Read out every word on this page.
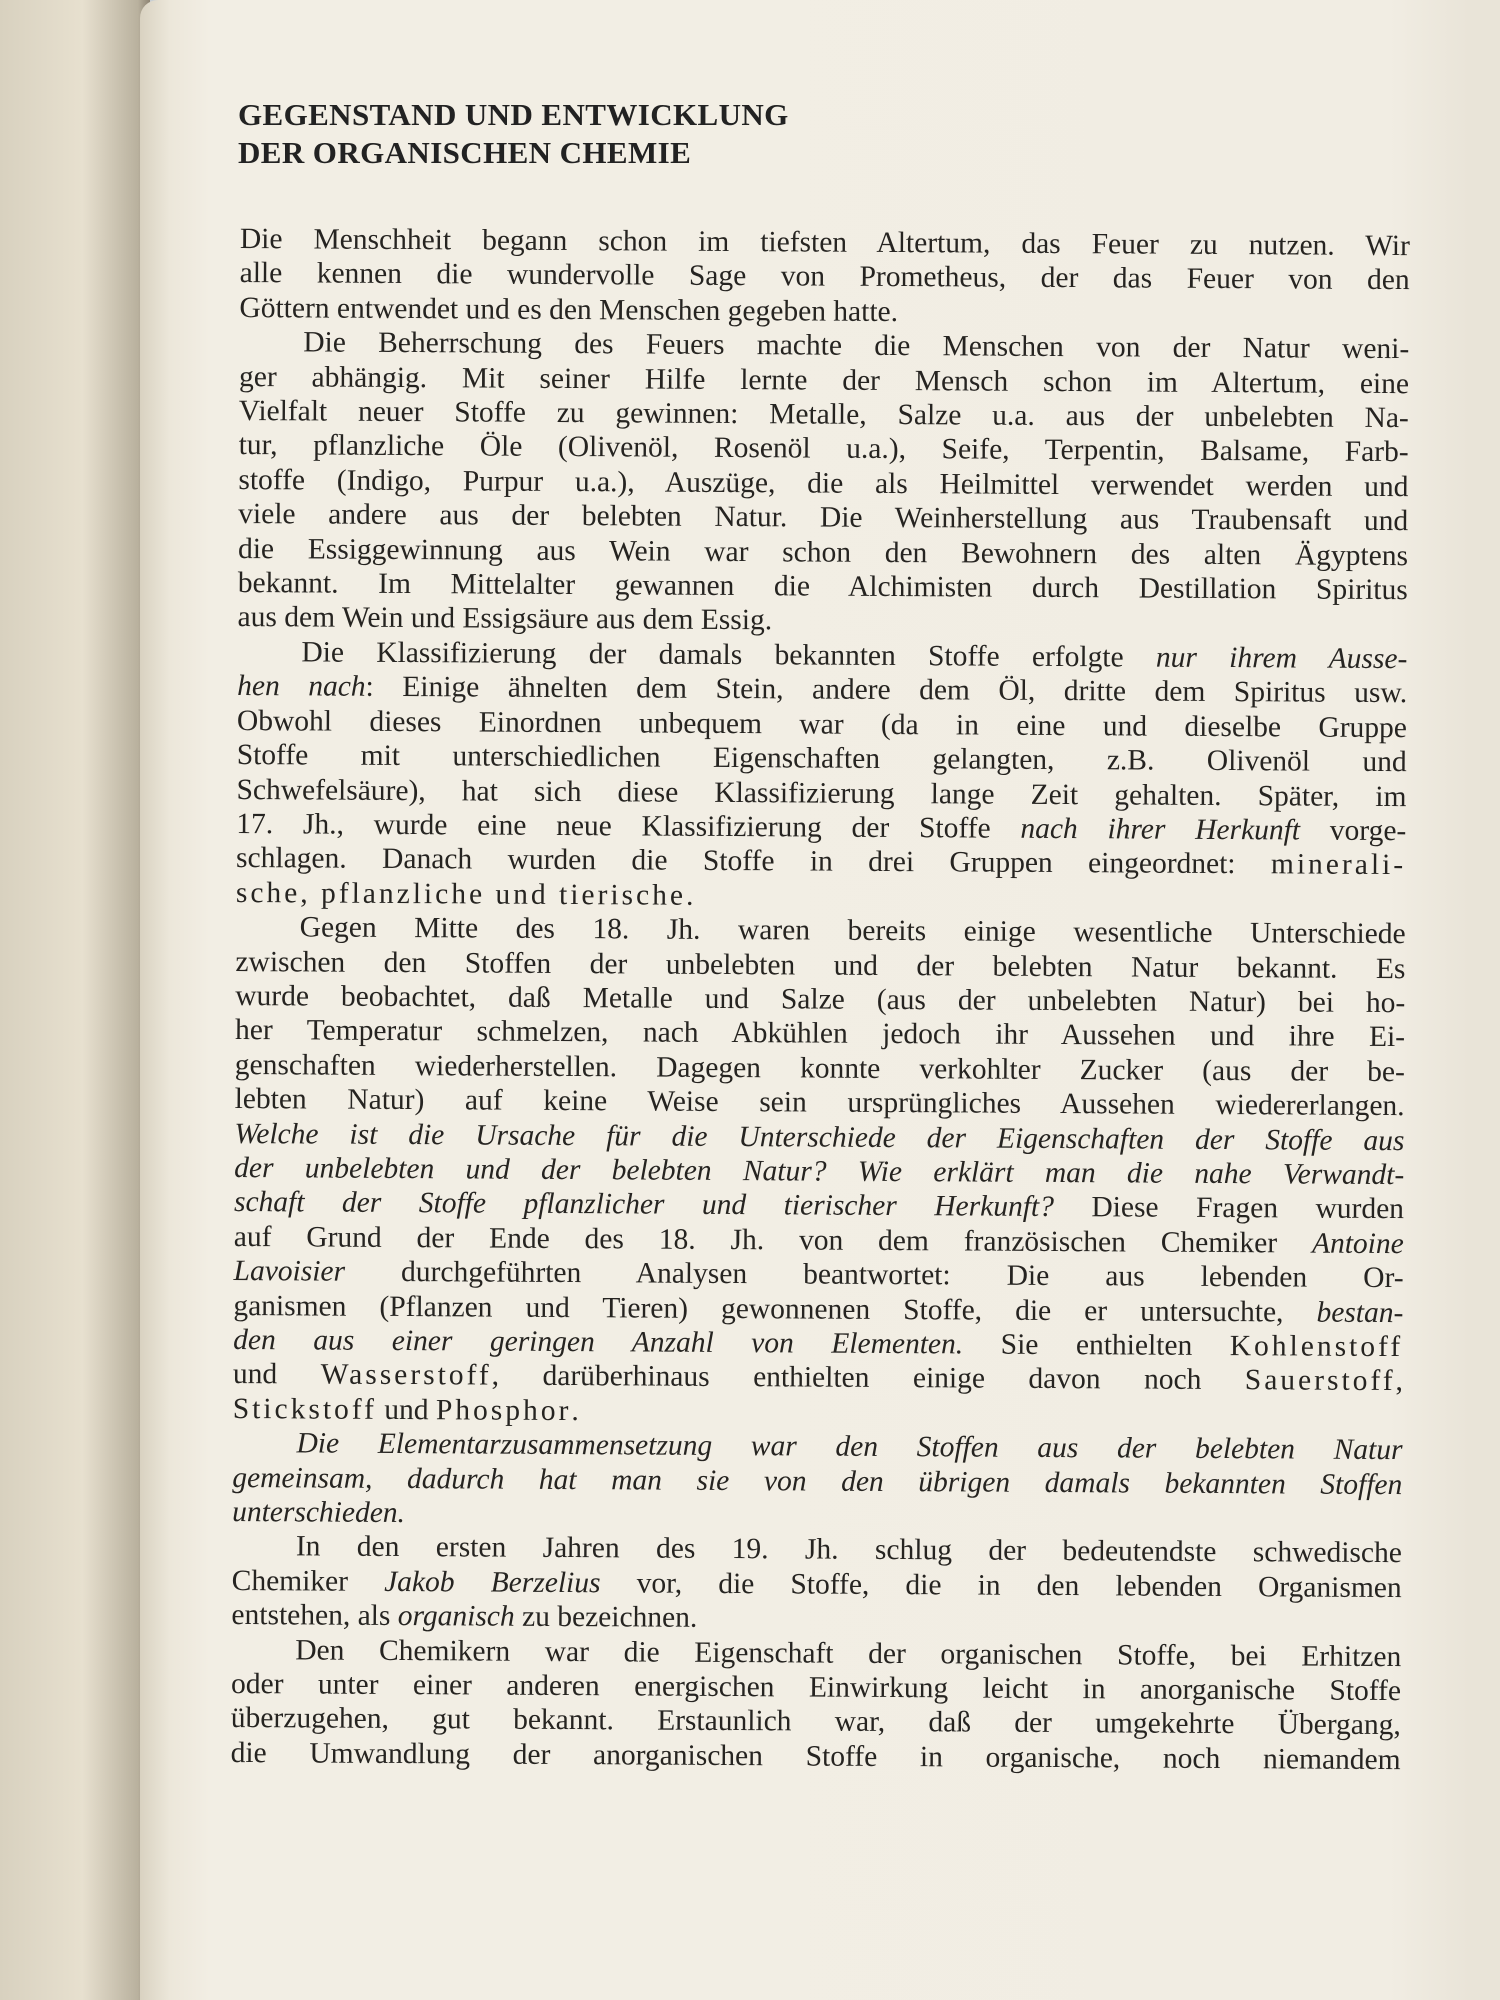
GEGENSTAND UND ENTWICKLUNG
DER ORGANISCHEN CHEMIE
Die Menschheit begann schon im tiefsten Altertum, das Feuer zu nutzen. Wir
alle kennen die wundervolle Sage von Prometheus, der das Feuer von den
Göttern entwendet und es den Menschen gegeben hatte.
Die Beherrschung des Feuers machte die Menschen von der Natur weni-
ger abhängig. Mit seiner Hilfe lernte der Mensch schon im Altertum, eine
Vielfalt neuer Stoffe zu gewinnen: Metalle, Salze u.a. aus der unbelebten Na-
tur, pflanzliche Öle (Olivenöl, Rosenöl u.a.), Seife, Terpentin, Balsame, Farb-
stoffe (Indigo, Purpur u.a.), Auszüge, die als Heilmittel verwendet werden und
viele andere aus der belebten Natur. Die Weinherstellung aus Traubensaft und
die Essiggewinnung aus Wein war schon den Bewohnern des alten Ägyptens
bekannt. Im Mittelalter gewannen die Alchimisten durch Destillation Spiritus
aus dem Wein und Essigsäure aus dem Essig.
Die Klassifizierung der damals bekannten Stoffe erfolgte nur ihrem Ausse-
hen nach: Einige ähnelten dem Stein, andere dem Öl, dritte dem Spiritus usw.
Obwohl dieses Einordnen unbequem war (da in eine und dieselbe Gruppe
Stoffe mit unterschiedlichen Eigenschaften gelangten, z.B. Olivenöl und
Schwefelsäure), hat sich diese Klassifizierung lange Zeit gehalten. Später, im
17. Jh., wurde eine neue Klassifizierung der Stoffe nach ihrer Herkunft vorge-
schlagen. Danach wurden die Stoffe in drei Gruppen eingeordnet: minerali-
sche, pflanzliche und tierische.
Gegen Mitte des 18. Jh. waren bereits einige wesentliche Unterschiede
zwischen den Stoffen der unbelebten und der belebten Natur bekannt. Es
wurde beobachtet, daß Metalle und Salze (aus der unbelebten Natur) bei ho-
her Temperatur schmelzen, nach Abkühlen jedoch ihr Aussehen und ihre Ei-
genschaften wiederherstellen. Dagegen konnte verkohlter Zucker (aus der be-
lebten Natur) auf keine Weise sein ursprüngliches Aussehen wiedererlangen.
Welche ist die Ursache für die Unterschiede der Eigenschaften der Stoffe aus
der unbelebten und der belebten Natur? Wie erklärt man die nahe Verwandt-
schaft der Stoffe pflanzlicher und tierischer Herkunft? Diese Fragen wurden
auf Grund der Ende des 18. Jh. von dem französischen Chemiker Antoine
Lavoisier durchgeführten Analysen beantwortet: Die aus lebenden Or-
ganismen (Pflanzen und Tieren) gewonnenen Stoffe, die er untersuchte, bestan-
den aus einer geringen Anzahl von Elementen. Sie enthielten Kohlenstoff
und Wasserstoff, darüberhinaus enthielten einige davon noch Sauerstoff,
Stickstoff und Phosphor.
Die Elementarzusammensetzung war den Stoffen aus der belebten Natur
gemeinsam, dadurch hat man sie von den übrigen damals bekannten Stoffen
unterschieden.
In den ersten Jahren des 19. Jh. schlug der bedeutendste schwedische
Chemiker Jakob Berzelius vor, die Stoffe, die in den lebenden Organismen
entstehen, als organisch zu bezeichnen.
Den Chemikern war die Eigenschaft der organischen Stoffe, bei Erhitzen
oder unter einer anderen energischen Einwirkung leicht in anorganische Stoffe
überzugehen, gut bekannt. Erstaunlich war, daß der umgekehrte Übergang,
die Umwandlung der anorganischen Stoffe in organische, noch niemandem
